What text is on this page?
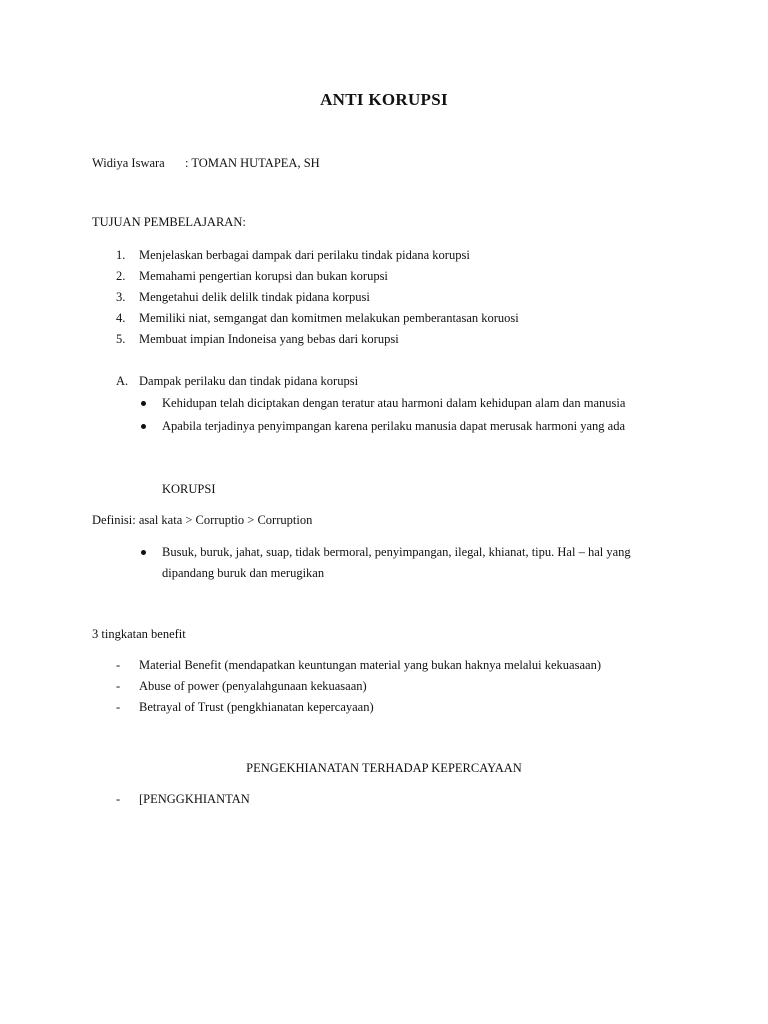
ANTI KORUPSI
Widiya Iswara : TOMAN HUTAPEA, SH
TUJUAN PEMBELAJARAN:
1.	Menjelaskan berbagai dampak dari perilaku tindak pidana korupsi
2.	Memahami pengertian korupsi dan bukan korupsi
3.	Mengetahui delik delilk tindak pidana korpusi
4.	Memiliki niat, semgangat dan komitmen melakukan pemberantasan koruosi
5.	Membuat impian Indoneisa yang bebas dari korupsi
A. Dampak perilaku dan tindak pidana korupsi
Kehidupan telah diciptakan dengan teratur atau harmoni dalam kehidupan alam dan manusia
Apabila terjadinya penyimpangan karena perilaku manusia dapat merusak harmoni yang ada
KORUPSI
Definisi: asal kata > Corruptio > Corruption
Busuk, buruk, jahat, suap, tidak bermoral, penyimpangan, ilegal, khianat, tipu. Hal – hal yang
dipandang buruk dan merugikan
3 tingkatan benefit
-	Material Benefit (mendapatkan keuntungan material yang bukan haknya melalui kekuasaan)
-	Abuse of power (penyalahgunaan kekuasaan)
-	Betrayal of Trust (pengkhianatan kepercayaan)
PENGEKHIANATAN TERHADAP KEPERCAYAAN
-	[PENGGKHIANTAN
